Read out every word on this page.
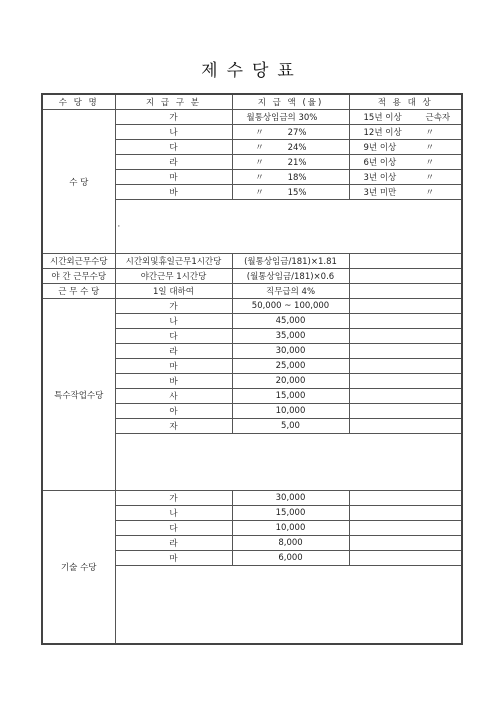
제수당표
수 당 명	지 급 구 분	지 급 액 (율)	적 용 대 상
수 당	가	월통상임금의 30%	15년 이상 근속자
	나	〃 27%	12년 이상 〃
	다	〃 24%	9년 이상 〃
	라	〃 21%	6년 이상 〃
	마	〃 18%	3년 이상 〃
	바	〃 15%	3년 미만 〃
	·		
시간외근무수당	시간외및휴일근무1시간당	(월통상임금/181)×1.81	
야 간 근무수당	야간근무 1시간당	(월통상임금/181)×0.6	
근 무 수 당	1일 대하여	직무급의 4%	
특수작업수당	가	50,000 ~ 100,000	
	나	45,000	
	다	35,000	
	라	30,000	
	마	25,000	
	바	20,000	
	사	15,000	
	아	10,000	
	자	5,00	

기술 수당	가	30,000	
	나	15,000	
	다	10,000	
	라	8,000	
	마	6,000	
